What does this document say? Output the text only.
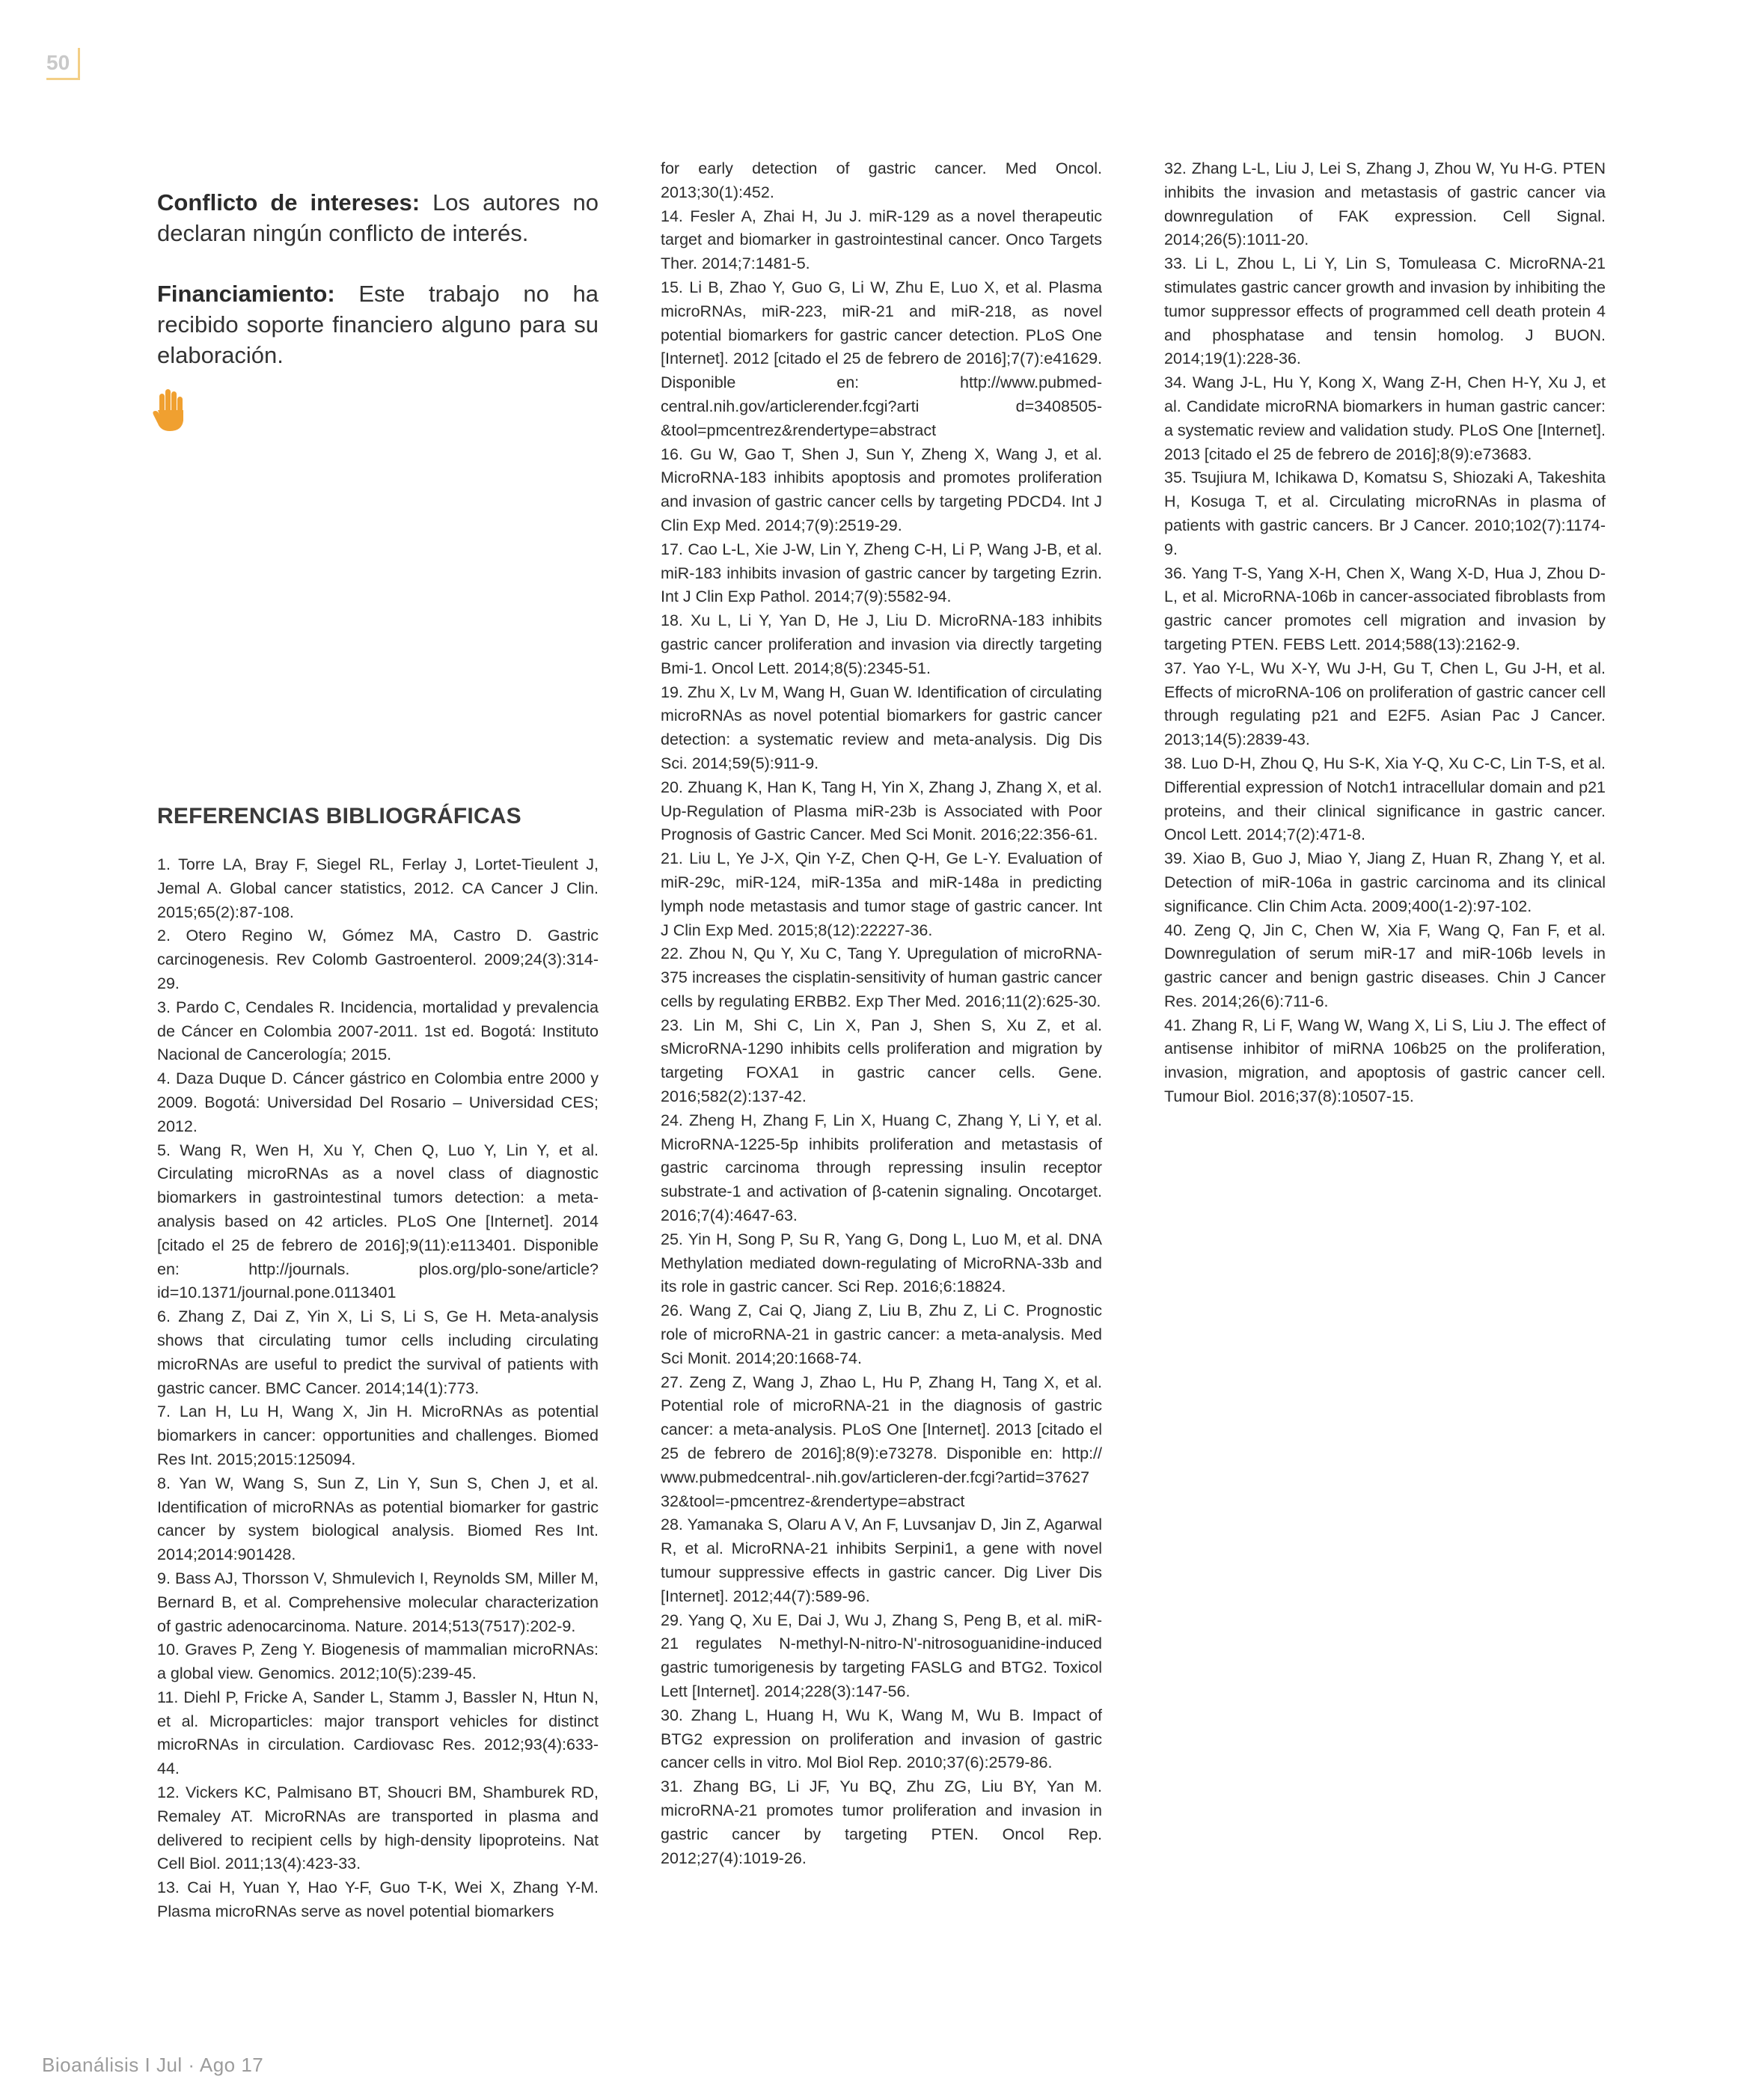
50
Conflicto de intereses: Los autores no declaran ningún conflicto de interés.
Financiamiento: Este trabajo no ha recibido soporte financiero alguno para su elaboración.
REFERENCIAS BIBLIOGRÁFICAS

1. Torre LA, Bray F, Siegel RL, Ferlay J, Lortet-Tieulent J, Jemal A. Global cancer statistics, 2012. CA Cancer J Clin. 2015;65(2):87-108.

2. Otero Regino W, Gómez MA, Castro D. Gastric carcinogenesis. Rev Colomb Gastroenterol. 2009;24(3):314-29.

3. Pardo C, Cendales R. Incidencia, mortalidad y prevalencia de Cáncer en Colombia 2007-2011. 1st ed. Bogotá: Instituto Nacional de Cancerología; 2015.

4. Daza Duque D. Cáncer gástrico en Colombia entre 2000 y 2009. Bogotá: Universidad Del Rosario – Universidad CES; 2012.

5. Wang R, Wen H, Xu Y, Chen Q, Luo Y, Lin Y, et al. Circulating microRNAs as a novel class of diagnostic biomarkers in gastrointestinal tumors detection: a meta-analysis based on 42 articles. PLoS One [Internet]. 2014 [citado el 25 de febrero de 2016];9(11):e113401. Disponible en: http://journals. plos.org/plo-sone/article?id=10.1371/journal.pone.0113401

6. Zhang Z, Dai Z, Yin X, Li S, Li S, Ge H. Meta-analysis shows that circulating tumor cells including circulating microRNAs are useful to predict the survival of patients with gastric cancer. BMC Cancer. 2014;14(1):773.

7. Lan H, Lu H, Wang X, Jin H. MicroRNAs as potential biomarkers in cancer: opportunities and challenges. Biomed Res Int. 2015;2015:125094.

8. Yan W, Wang S, Sun Z, Lin Y, Sun S, Chen J, et al. Identification of microRNAs as potential biomarker for gastric cancer by system biological analysis. Biomed Res Int. 2014;2014:901428.

9. Bass AJ, Thorsson V, Shmulevich I, Reynolds SM, Miller M, Bernard B, et al. Comprehensive molecular characterization of gastric adenocarcinoma. Nature. 2014;513(7517):202-9.

10. Graves P, Zeng Y. Biogenesis of mammalian microRNAs: a global view. Genomics. 2012;10(5):239-45.

11. Diehl P, Fricke A, Sander L, Stamm J, Bassler N, Htun N, et al. Microparticles: major transport vehicles for distinct microRNAs in circulation. Cardiovasc Res. 2012;93(4):633-44.

12. Vickers KC, Palmisano BT, Shoucri BM, Shamburek RD, Remaley AT. MicroRNAs are transported in plasma and delivered to recipient cells by high-density lipoproteins. Nat Cell Biol. 2011;13(4):423-33.

13. Cai H, Yuan Y, Hao Y-F, Guo T-K, Wei X, Zhang Y-M. Plasma microRNAs serve as novel potential biomarkers

for early detection of gastric cancer. Med Oncol. 2013;30(1):452.

14. Fesler A, Zhai H, Ju J. miR-129 as a novel therapeutic target and biomarker in gastrointestinal cancer. Onco Targets Ther. 2014;7:1481-5.

15. Li B, Zhao Y, Guo G, Li W, Zhu E, Luo X, et al. Plasma microRNAs, miR-223, miR-21 and miR-218, as novel potential biomarkers for gastric cancer detection. PLoS One [Internet]. 2012 [citado el 25 de febrero de 2016];7(7):e41629. Disponible en: http://www.pubmed-central.nih.gov/articlerender.fcgi?arti d=3408505-&tool=pmcentrez&rendertype=abstract

16. Gu W, Gao T, Shen J, Sun Y, Zheng X, Wang J, et al. MicroRNA-183 inhibits apoptosis and promotes proliferation and invasion of gastric cancer cells by targeting PDCD4. Int J Clin Exp Med. 2014;7(9):2519-29.

17. Cao L-L, Xie J-W, Lin Y, Zheng C-H, Li P, Wang J-B, et al. miR-183 inhibits invasion of gastric cancer by targeting Ezrin. Int J Clin Exp Pathol. 2014;7(9):5582-94.

18. Xu L, Li Y, Yan D, He J, Liu D. MicroRNA-183 inhibits gastric cancer proliferation and invasion via directly targeting Bmi-1. Oncol Lett. 2014;8(5):2345-51.

19. Zhu X, Lv M, Wang H, Guan W. Identification of circulating microRNAs as novel potential biomarkers for gastric cancer detection: a systematic review and meta-analysis. Dig Dis Sci. 2014;59(5):911-9.

20. Zhuang K, Han K, Tang H, Yin X, Zhang J, Zhang X, et al. Up-Regulation of Plasma miR-23b is Associated with Poor Prognosis of Gastric Cancer. Med Sci Monit. 2016;22:356-61.

21. Liu L, Ye J-X, Qin Y-Z, Chen Q-H, Ge L-Y. Evaluation of miR-29c, miR-124, miR-135a and miR-148a in predicting lymph node metastasis and tumor stage of gastric cancer. Int J Clin Exp Med. 2015;8(12):22227-36.

22. Zhou N, Qu Y, Xu C, Tang Y. Upregulation of microRNA-375 increases the cisplatin-sensitivity of human gastric cancer cells by regulating ERBB2. Exp Ther Med. 2016;11(2):625-30.

23. Lin M, Shi C, Lin X, Pan J, Shen S, Xu Z, et al. sMicroRNA-1290 inhibits cells proliferation and migration by targeting FOXA1 in gastric cancer cells. Gene. 2016;582(2):137-42.

24. Zheng H, Zhang F, Lin X, Huang C, Zhang Y, Li Y, et al. MicroRNA-1225-5p inhibits proliferation and metastasis of gastric carcinoma through repressing insulin receptor substrate-1 and activation of β-catenin signaling. Oncotarget. 2016;7(4):4647-63.

25. Yin H, Song P, Su R, Yang G, Dong L, Luo M, et al. DNA Methylation mediated down-regulating of MicroRNA-33b and its role in gastric cancer. Sci Rep. 2016;6:18824.

26. Wang Z, Cai Q, Jiang Z, Liu B, Zhu Z, Li C. Prognostic role of microRNA-21 in gastric cancer: a meta-analysis. Med Sci Monit. 2014;20:1668-74.

27. Zeng Z, Wang J, Zhao L, Hu P, Zhang H, Tang X, et al. Potential role of microRNA-21 in the diagnosis of gastric cancer: a meta-analysis. PLoS One [Internet]. 2013 [citado el 25 de febrero de 2016];8(9):e73278. Disponible en: http:// www.pubmedcentral-.nih.gov/articleren-der.fcgi?artid=37627 32&tool=-pmcentrez-&rendertype=abstract

28. Yamanaka S, Olaru A V, An F, Luvsanjav D, Jin Z, Agarwal R, et al. MicroRNA-21 inhibits Serpini1, a gene with novel tumour suppressive effects in gastric cancer. Dig Liver Dis [Internet]. 2012;44(7):589-96.

29. Yang Q, Xu E, Dai J, Wu J, Zhang S, Peng B, et al. miR-21 regulates N-methyl-N-nitro-N'-nitrosoguanidine-induced gastric tumorigenesis by targeting FASLG and BTG2. Toxicol Lett [Internet]. 2014;228(3):147-56.

30. Zhang L, Huang H, Wu K, Wang M, Wu B. Impact of BTG2 expression on proliferation and invasion of gastric cancer cells in vitro. Mol Biol Rep. 2010;37(6):2579-86.

31. Zhang BG, Li JF, Yu BQ, Zhu ZG, Liu BY, Yan M. microRNA-21 promotes tumor proliferation and invasion in gastric cancer by targeting PTEN. Oncol Rep. 2012;27(4):1019-26.

32. Zhang L-L, Liu J, Lei S, Zhang J, Zhou W, Yu H-G. PTEN inhibits the invasion and metastasis of gastric cancer via downregulation of FAK expression. Cell Signal. 2014;26(5):1011-20.

33. Li L, Zhou L, Li Y, Lin S, Tomuleasa C. MicroRNA-21 stimulates gastric cancer growth and invasion by inhibiting the tumor suppressor effects of programmed cell death protein 4 and phosphatase and tensin homolog. J BUON. 2014;19(1):228-36.

34. Wang J-L, Hu Y, Kong X, Wang Z-H, Chen H-Y, Xu J, et al. Candidate microRNA biomarkers in human gastric cancer: a systematic review and validation study. PLoS One [Internet]. 2013 [citado el 25 de febrero de 2016];8(9):e73683.

35. Tsujiura M, Ichikawa D, Komatsu S, Shiozaki A, Takeshita H, Kosuga T, et al. Circulating microRNAs in plasma of patients with gastric cancers. Br J Cancer. 2010;102(7):1174-9.

36. Yang T-S, Yang X-H, Chen X, Wang X-D, Hua J, Zhou D-L, et al. MicroRNA-106b in cancer-associated fibroblasts from gastric cancer promotes cell migration and invasion by targeting PTEN. FEBS Lett. 2014;588(13):2162-9.

37. Yao Y-L, Wu X-Y, Wu J-H, Gu T, Chen L, Gu J-H, et al. Effects of microRNA-106 on proliferation of gastric cancer cell through regulating p21 and E2F5. Asian Pac J Cancer. 2013;14(5):2839-43.

38. Luo D-H, Zhou Q, Hu S-K, Xia Y-Q, Xu C-C, Lin T-S, et al. Differential expression of Notch1 intracellular domain and p21 proteins, and their clinical significance in gastric cancer. Oncol Lett. 2014;7(2):471-8.

39. Xiao B, Guo J, Miao Y, Jiang Z, Huan R, Zhang Y, et al. Detection of miR-106a in gastric carcinoma and its clinical significance. Clin Chim Acta. 2009;400(1-2):97-102.

40. Zeng Q, Jin C, Chen W, Xia F, Wang Q, Fan F, et al. Downregulation of serum miR-17 and miR-106b levels in gastric cancer and benign gastric diseases. Chin J Cancer Res. 2014;26(6):711-6.

41. Zhang R, Li F, Wang W, Wang X, Li S, Liu J. The effect of antisense inhibitor of miRNA 106b25 on the proliferation, invasion, migration, and apoptosis of gastric cancer cell. Tumour Biol. 2016;37(8):10507-15.

Bioanálisis I Jul · Ago 17
